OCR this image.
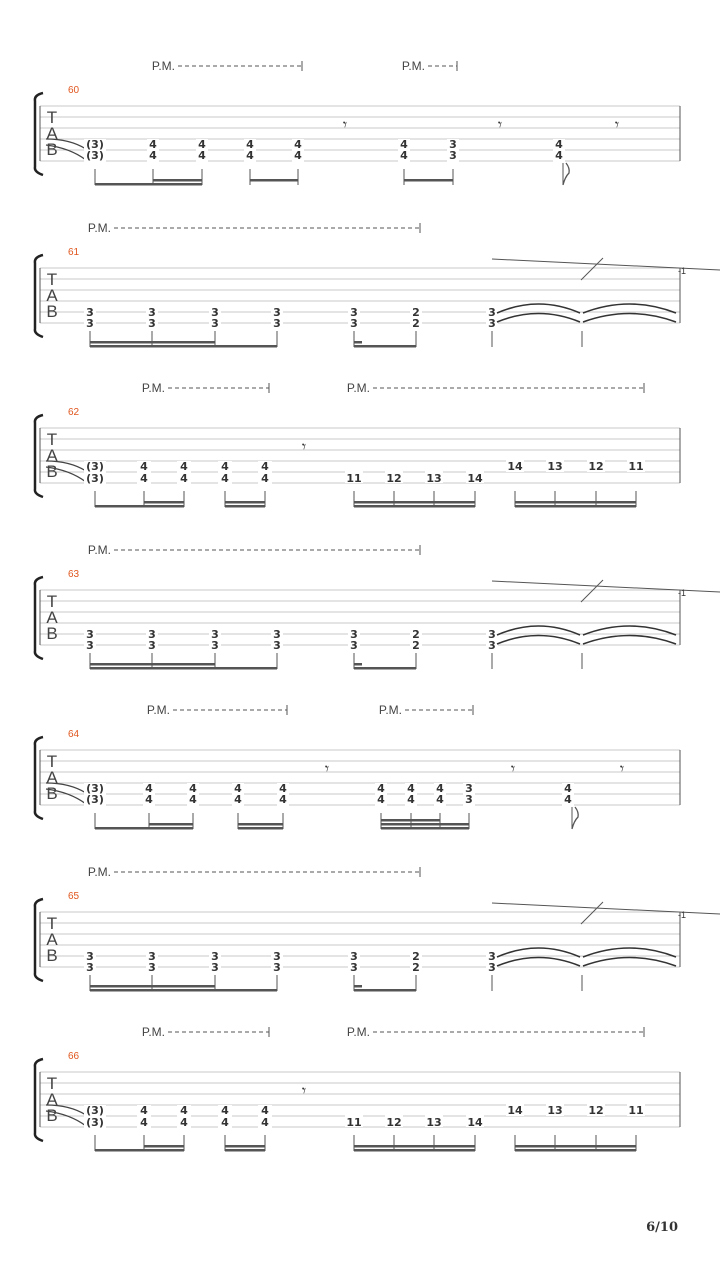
T
A
B
60
P.M.	P.M.
(3)
(3)
4
4
4
4
4
4
4
4
4
4
3
3
4
4
𝄾	𝄾	𝄾
T
A
B
61
P.M.
3
3
3
3
3
3
3
3
3
3
2
2
3
3
-1
T
A
B
62
P.M.	P.M.
(3)
(3)
4
4
4
4
4
4
4
4	11 12 13 14
14 13 12 11
𝄾
T
A
B
63
P.M.
3
3
3
3
3
3
3
3
3
3
2
2
3
3
-1
T
A
B
64
P.M.	P.M.
(3)
(3)
4
4
4
4
4
4
4
4
4
4
4
4
4
4
3
3
4
4
𝄾	𝄾	𝄾
T
A
B
65
P.M.
3
3
3
3
3
3
3
3
3
3
2
2
3
3
-1
T
A
B
66
P.M.	P.M.
(3)
(3)
4
4
4
4
4
4
4
4	11 12 13 14
14 13 12 11
𝄾
6/10
